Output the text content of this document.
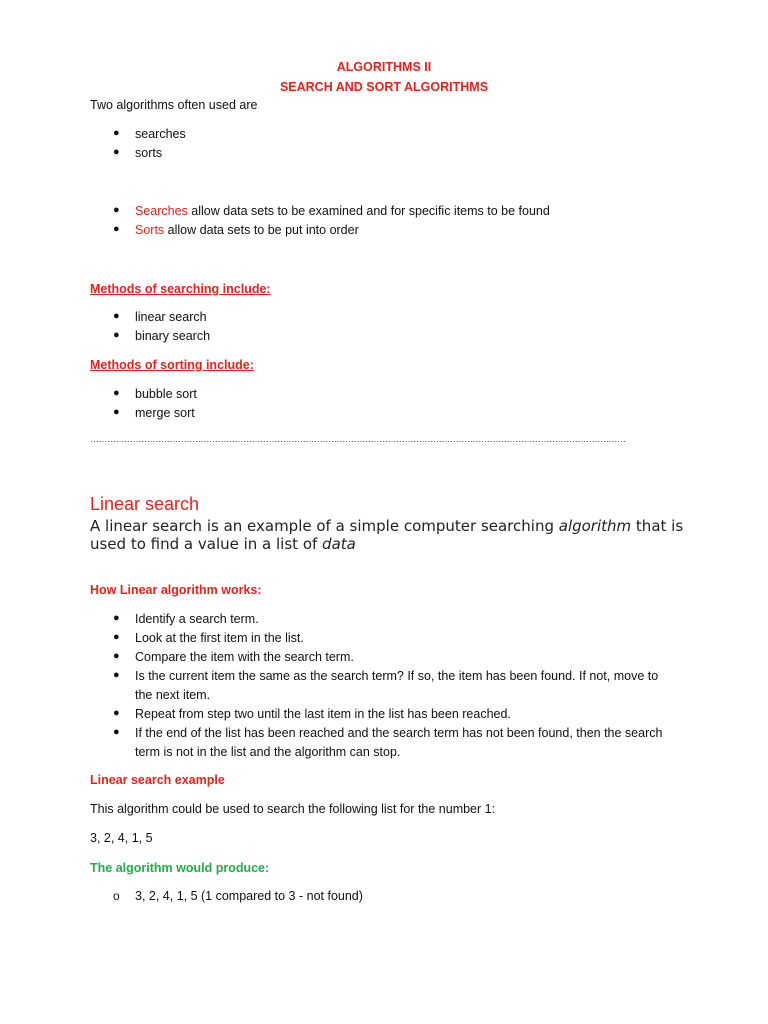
ALGORITHMS II
SEARCH AND SORT ALGORITHMS
Two algorithms often used are
● searches
● sorts
● Searches allow data sets to be examined and for specific items to be found
● Sorts allow data sets to be put into order
Methods of searching include:
● linear search
● binary search
Methods of sorting include:
● bubble sort
● merge sort
………………………………………………………………………………………………………………………………………………………………………
Linear search
A linear search is an example of a simple computer searching algorithm that is used to find a value in a list of data
How Linear algorithm works:
● Identify a search term.
● Look at the first item in the list.
● Compare the item with the search term.
● Is the current item the same as the search term? If so, the item has been found. If not, move to
the next item.
● Repeat from step two until the last item in the list has been reached.
● If the end of the list has been reached and the search term has not been found, then the search
term is not in the list and the algorithm can stop.
Linear search example
This algorithm could be used to search the following list for the number 1:
3, 2, 4, 1, 5
The algorithm would produce:
o 3, 2, 4, 1, 5 (1 compared to 3 - not found)
